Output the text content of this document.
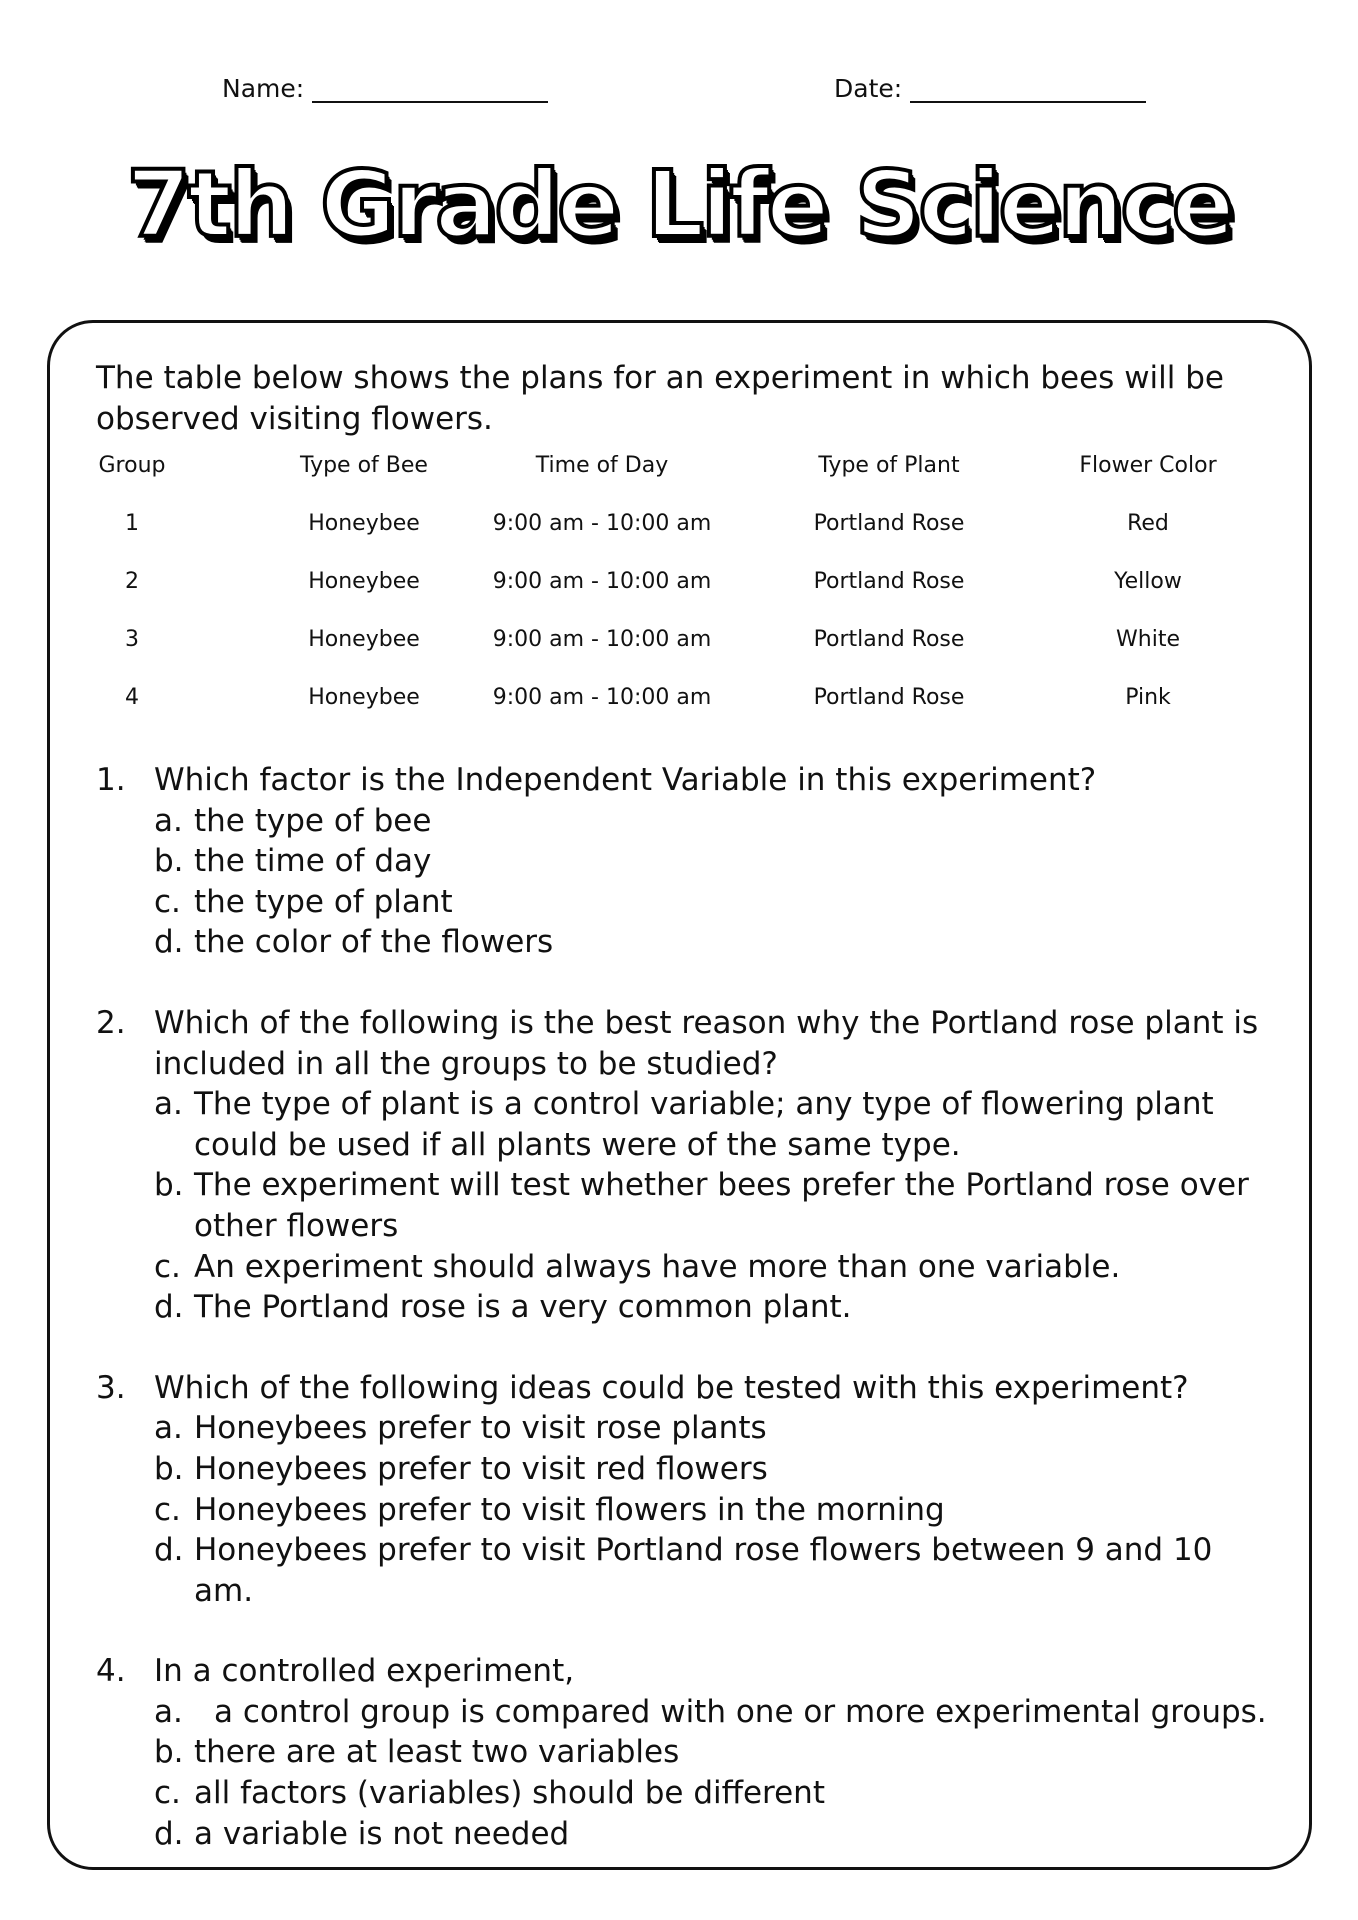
Name:	Date:
7th Grade Life Science
The table below shows the plans for an experiment in which bees will be observed visiting flowers.
Group	Type of Bee	Time of Day	Type of Plant	Flower Color
1	Honeybee	9:00 am - 10:00 am	Portland Rose	Red
2	Honeybee	9:00 am - 10:00 am	Portland Rose	Yellow
3	Honeybee	9:00 am - 10:00 am	Portland Rose	White
4	Honeybee	9:00 am - 10:00 am	Portland Rose	Pink
1. Which factor is the Independent Variable in this experiment?
a. the type of bee
b. the time of day
c. the type of plant
d. the color of the flowers
2. Which of the following is the best reason why the Portland rose plant is included in all the groups to be studied?
a. The type of plant is a control variable; any type of flowering plant could be used if all plants were of the same type.
b. The experiment will test whether bees prefer the Portland rose over other flowers
c. An experiment should always have more than one variable.
d. The Portland rose is a very common plant.
3. Which of the following ideas could be tested with this experiment?
a. Honeybees prefer to visit rose plants
b. Honeybees prefer to visit red flowers
c. Honeybees prefer to visit flowers in the morning
d. Honeybees prefer to visit Portland rose flowers between 9 and 10 am.
4. In a controlled experiment,
a. a control group is compared with one or more experimental groups.
b. there are at least two variables
c. all factors (variables) should be different
d. a variable is not needed
